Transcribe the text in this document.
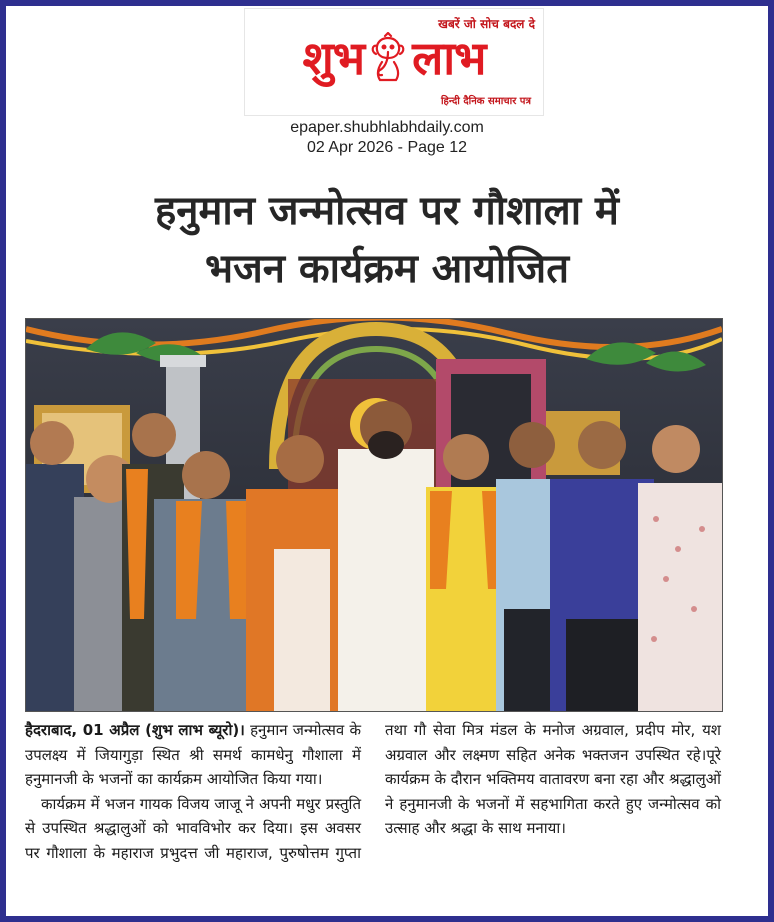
खबरें जो सोच बदल दे
शुभ लाभ
हिन्दी दैनिक समाचार पत्र
epaper.shubhlabhdaily.com
02 Apr 2026 - Page 12
हनुमान जन्मोत्सव पर गौशाला में
भजन कार्यक्रम आयोजित

हैदराबाद, 01 अप्रैल (शुभ लाभ ब्यूरो)। हनुमान जन्मोत्सव के उपलक्ष्य में जियागुड़ा स्थित श्री समर्थ कामधेनु गौशाला में हनुमानजी के भजनों का कार्यक्रम आयोजित किया गया।

कार्यक्रम में भजन गायक विजय जाजू ने अपनी मधुर प्रस्तुति से उपस्थित श्रद्धालुओं को भावविभोर कर दिया। इस अवसर पर गौशाला के महाराज प्रभुदत्त जी महाराज, पुरुषोत्तम गुप्ता तथा गौ सेवा मित्र मंडल के मनोज अग्रवाल, प्रदीप मोर, यश अग्रवाल और लक्ष्मण सहित अनेक भक्तजन उपस्थित रहे।पूरे कार्यक्रम के दौरान भक्तिमय वातावरण बना रहा और श्रद्धालुओं ने हनुमानजी के भजनों में सहभागिता करते हुए जन्मोत्सव को उत्साह और श्रद्धा के साथ मनाया।
